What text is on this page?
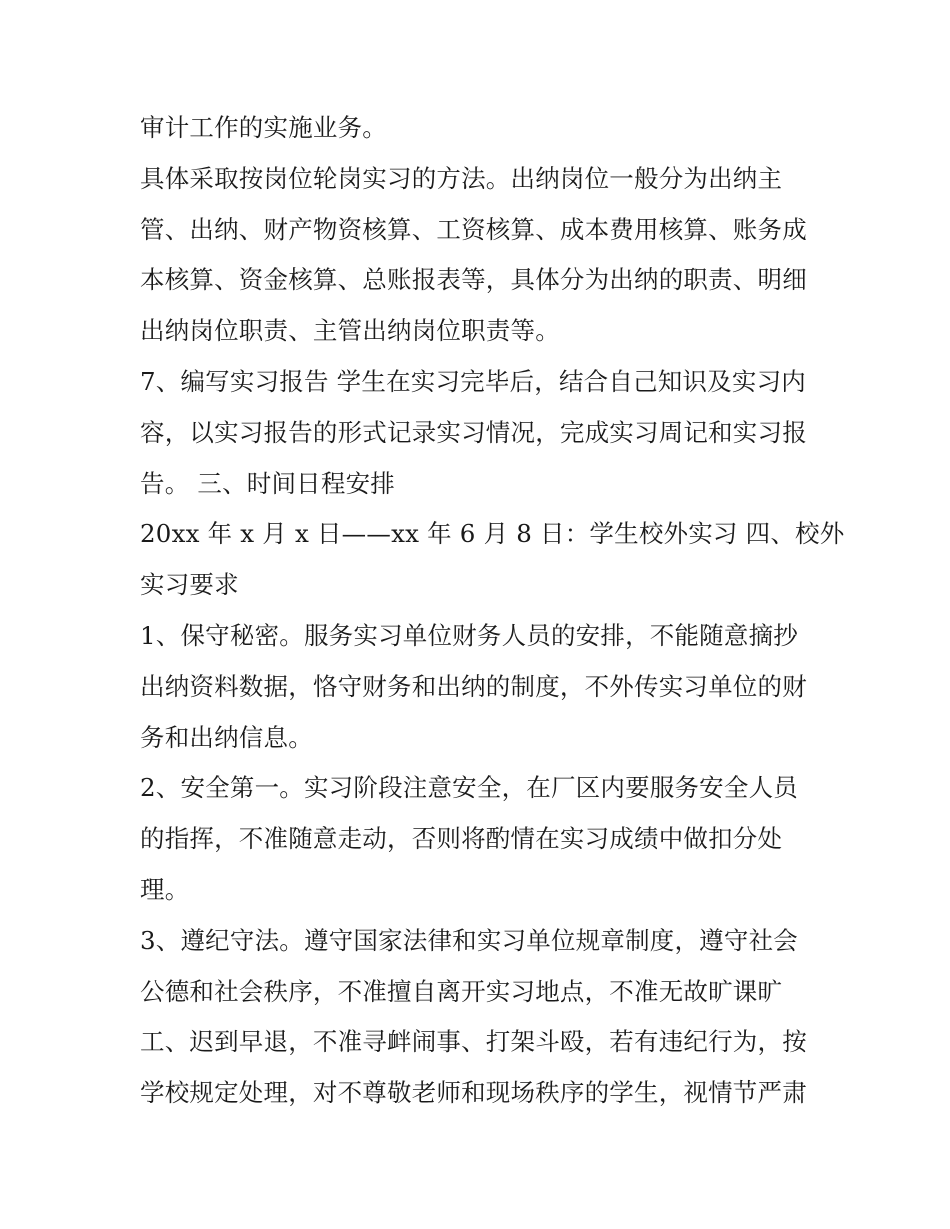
审计工作的实施业务。
具体采取按岗位轮岗实习的方法。出纳岗位一般分为出纳主
管、出纳、财产物资核算、工资核算、成本费用核算、账务成
本核算、资金核算、总账报表等，具体分为出纳的职责、明细
出纳岗位职责、主管出纳岗位职责等。
7、编写实习报告 学生在实习完毕后，结合自己知识及实习内
容，以实习报告的形式记录实习情况，完成实习周记和实习报
告。 三、时间日程安排
20xx 年 x 月 x 日——xx 年 6 月 8 日：学生校外实习 四、校外
实习要求
1、保守秘密。服务实习单位财务人员的安排，不能随意摘抄
出纳资料数据，恪守财务和出纳的制度，不外传实习单位的财
务和出纳信息。
2、安全第一。实习阶段注意安全，在厂区内要服务安全人员
的指挥，不准随意走动，否则将酌情在实习成绩中做扣分处
理。
3、遵纪守法。遵守国家法律和实习单位规章制度，遵守社会
公德和社会秩序，不准擅自离开实习地点，不准无故旷课旷
工、迟到早退，不准寻衅闹事、打架斗殴，若有违纪行为，按
学校规定处理，对不尊敬老师和现场秩序的学生，视情节严肃
